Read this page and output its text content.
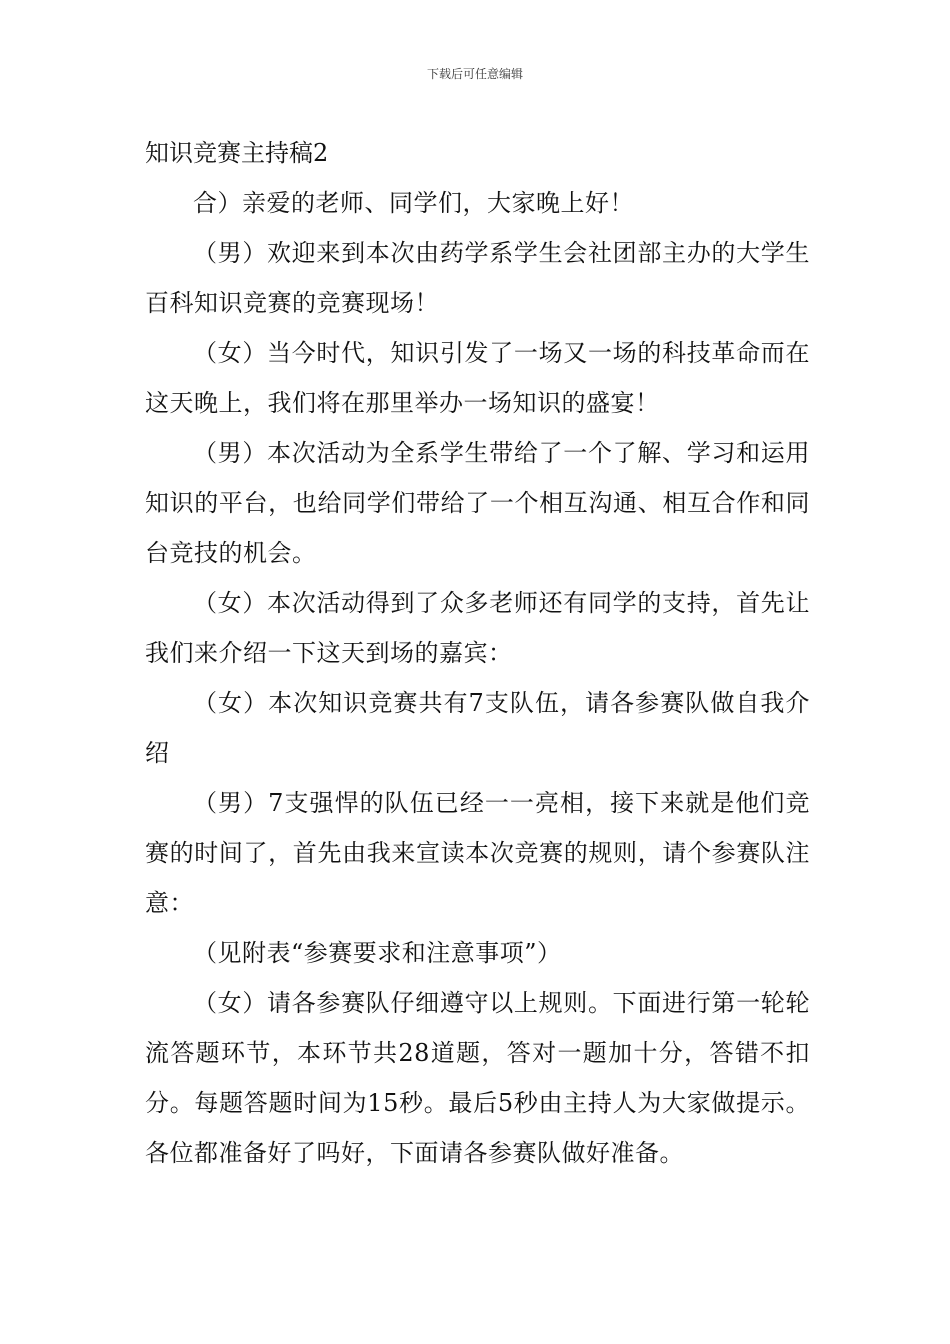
下载后可任意编辑

知识竞赛主持稿2

合）亲爱的老师、同学们，大家晚上好！

（男）欢迎来到本次由药学系学生会社团部主办的大学生百科知识竞赛的竞赛现场！

（女）当今时代，知识引发了一场又一场的科技革命而在这天晚上，我们将在那里举办一场知识的盛宴！

（男）本次活动为全系学生带给了一个了解、学习和运用知识的平台，也给同学们带给了一个相互沟通、相互合作和同台竞技的机会。

（女）本次活动得到了众多老师还有同学的支持，首先让我们来介绍一下这天到场的嘉宾：

（女）本次知识竞赛共有7支队伍，请各参赛队做自我介绍

（男）7支强悍的队伍已经一一亮相，接下来就是他们竞赛的时间了，首先由我来宣读本次竞赛的规则，请个参赛队注意：

（见附表“参赛要求和注意事项”）

（女）请各参赛队仔细遵守以上规则。下面进行第一轮轮流答题环节，本环节共28道题，答对一题加十分，答错不扣分。每题答题时间为15秒。最后5秒由主持人为大家做提示。各位都准备好了吗好，下面请各参赛队做好准备。
